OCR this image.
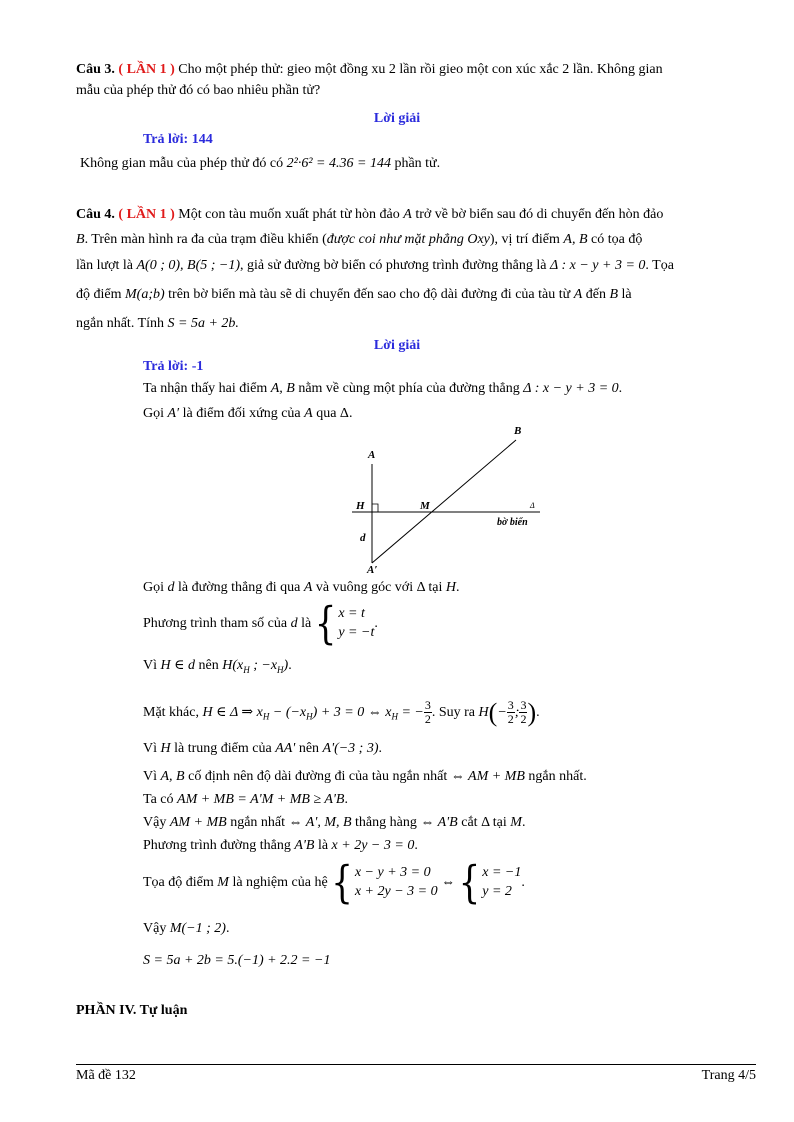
Câu 3. ( LẦN 1 ) Cho một phép thử: gieo một đồng xu 2 lần rồi gieo một con xúc xắc 2 lần. Không gian
mẫu của phép thử đó có bao nhiêu phần tử?
Lời giải
Trả lời: 144
Không gian mẫu của phép thử đó có 2²·6² = 4.36 = 144 phần tử.
Câu 4. ( LẦN 1 ) Một con tàu muốn xuất phát từ hòn đảo A trở về bờ biển sau đó di chuyển đến hòn đảo
B. Trên màn hình ra đa của trạm điều khiển (được coi như mặt phẳng Oxy), vị trí điểm A, B có tọa độ
lần lượt là A(0 ; 0), B(5 ; −1), giả sử đường bờ biển có phương trình đường thẳng là Δ : x − y + 3 = 0. Tọa
độ điểm M(a;b) trên bờ biển mà tàu sẽ di chuyển đến sao cho độ dài đường đi của tàu từ A đến B là
ngắn nhất. Tính S = 5a + 2b.
Lời giải
Trả lời: -1
Ta nhận thấy hai điểm A, B nằm về cùng một phía của đường thẳng Δ : x − y + 3 = 0.
Gọi A′ là điểm đối xứng của A qua Δ.
A
B
H	M
d
A′
Δ
bờ biển
Gọi d là đường thẳng đi qua A và vuông góc với Δ tại H.
Phương trình tham số của d là { x = t
y = −t
.
Vì H ∈ d nên $H(x_H$ ; $-x_H$).
Mặt khác, H ∈ Δ ⇒ $x_H - (-x_H) + 3 = 0$ ⇔ $x_H$ = − $\frac{3}{2}$ . Suy ra $H(- \frac{3}{2}$ ; $\frac{3}{2}$ ).
Vì H là trung điểm của AA' nên A'(−3 ; 3).
Vì A, B cố định nên độ dài đường đi của tàu ngắn nhất ⇔ AM + MB ngắn nhất.
Ta có AM + MB = A'M + MB ≥ A'B.
Vậy AM + MB ngắn nhất ⇔ A', M, B thẳng hàng ⇔ A'B cắt Δ tại M.
Phương trình đường thẳng A'B là x + 2y − 3 = 0.
Tọa độ điểm M là nghiệm của hệ { x − y + 3 = 0
x + 2y − 3 = 0
⇔ { x = −1
y = 2
.
Vậy M(−1 ; 2).
S = 5a + 2b = 5.(−1) + 2.2 = −1
PHẦN IV. Tự luận
Mã đề 132	Trang 4/5
